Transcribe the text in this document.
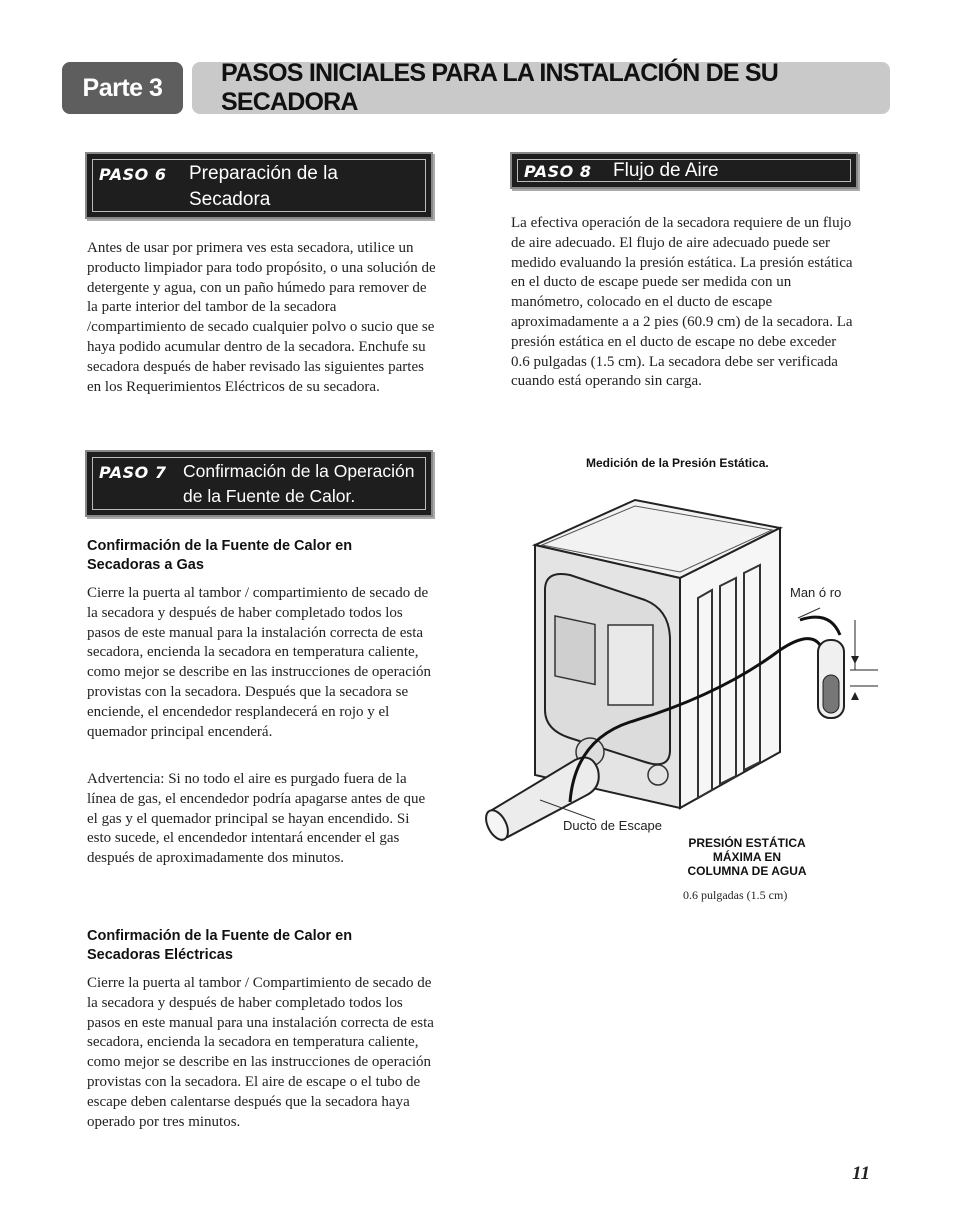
Parte 3
PASOS INICIALES PARA LA INSTALACIÓN DE SU SECADORA
PASO 6 Preparación de la
Secadora
Antes de usar por primera ves esta secadora, utilice un producto limpiador para todo propósito, o una solución de detergente y agua, con un paño húmedo para remover de la parte interior del tambor de la secadora /compartimiento de secado cualquier polvo o sucio que se haya podido acumular dentro de la secadora. Enchufe su secadora después de haber revisado las siguientes partes en los Requerimientos Eléctricos de su secadora.
PASO 7 Confirmación de la Operación
de la Fuente de Calor.
Confirmación de la Fuente de Calor en
Secadoras a Gas
Cierre la puerta al tambor / compartimiento de secado de la secadora y después de haber completado todos los pasos de este manual para la instalación correcta de esta secadora, encienda la secadora en temperatura caliente, como mejor se describe en las instrucciones de operación provistas con la secadora. Después que la secadora se enciende, el encendedor resplandecerá en rojo y el quemador principal encenderá.
Advertencia: Si no todo el aire es purgado fuera de la línea de gas, el encendedor podría apagarse antes de que el gas y el quemador principal se hayan encendido. Si esto sucede, el encendedor intentará encender el gas después de aproximadamente dos minutos.
Confirmación de la Fuente de Calor en
Secadoras Eléctricas
Cierre la puerta al tambor / Compartimiento de secado de la secadora y después de haber completado todos los pasos en este manual para una instalación correcta de esta secadora, encienda la secadora en temperatura caliente, como mejor se describe en las instrucciones de operación provistas con la secadora. El aire de escape o el tubo de escape deben calentarse después que la secadora haya operado por tres minutos.
PASO 8 Flujo de Aire
La efectiva operación de la secadora requiere de un flujo de aire adecuado. El flujo de aire adecuado puede ser medido evaluando la presión estática. La presión estática en el ducto de escape puede ser medida con un manómetro, colocado en el ducto de escape aproximadamente a a 2 pies (60.9 cm) de la secadora. La presión estática en el ducto de escape no debe exceder 0.6 pulgadas (1.5 cm). La secadora debe ser verificada cuando está operando sin carga.
Medición de la Presión Estática.
Man ó ro
Ducto de Escape
PRESIÓN ESTÁTICA
MÁXIMA EN
COLUMNA DE AGUA
0.6 pulgadas (1.5 cm)
11
